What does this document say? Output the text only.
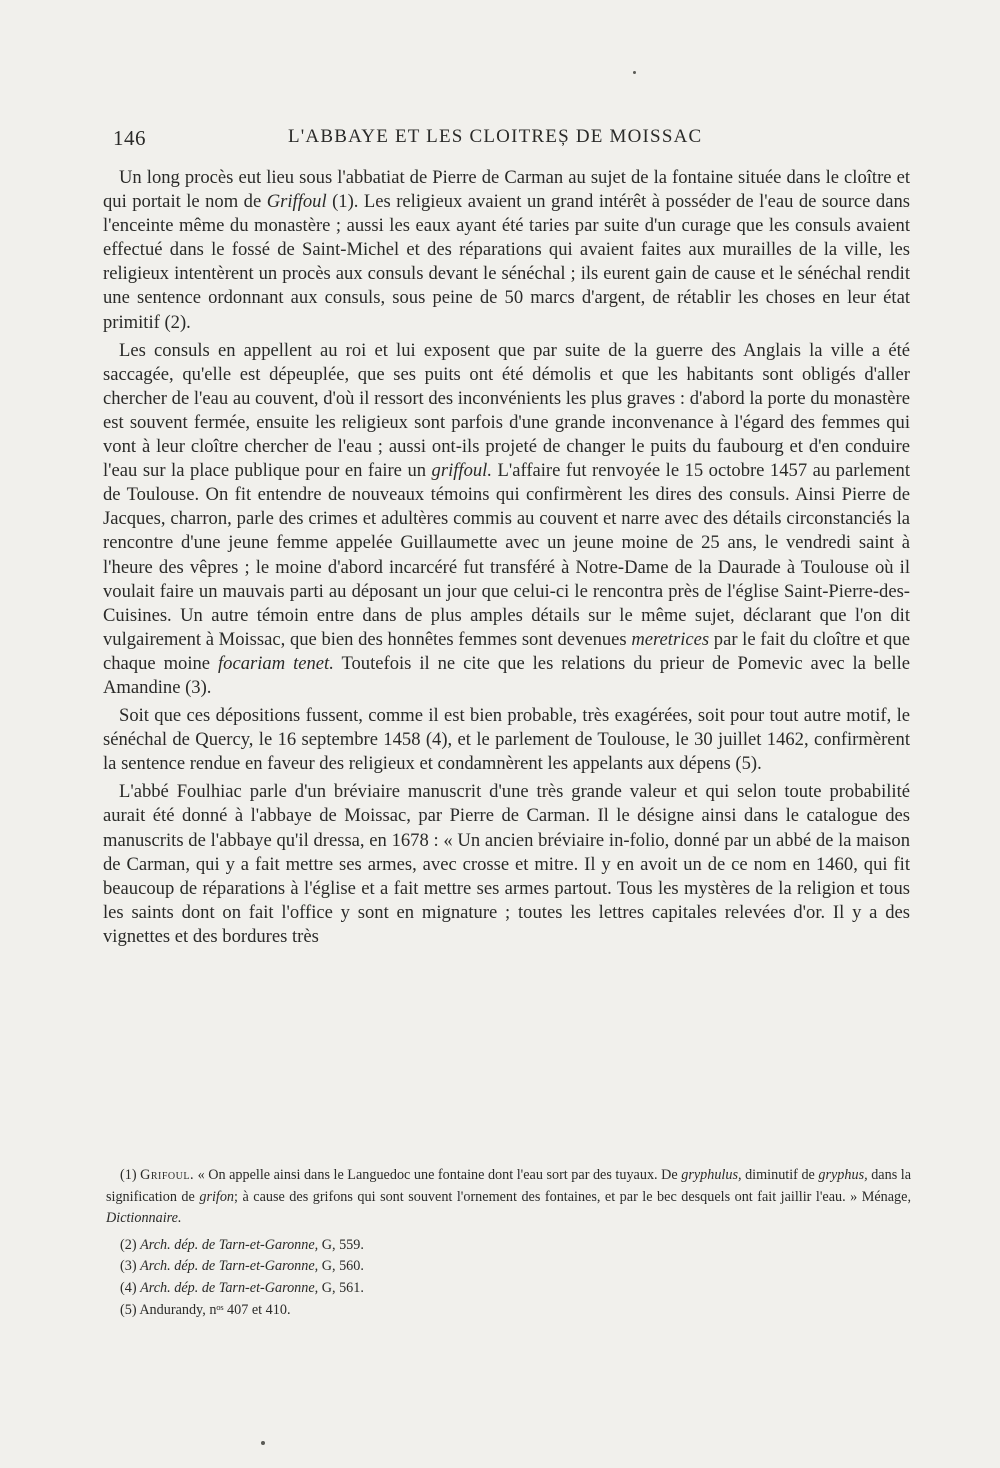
146	L'ABBAYE ET LES CLOITREȘ DE MOISSAC

Un long procès eut lieu sous l'abbatiat de Pierre de Carman au sujet de la fontaine située dans le cloître et qui portait le nom de Griffoul (1). Les religieux avaient un grand intérêt à posséder de l'eau de source dans l'enceinte même du monastère ; aussi les eaux ayant été taries par suite d'un curage que les consuls avaient effectué dans le fossé de Saint-Michel et des réparations qui avaient faites aux murailles de la ville, les religieux intentèrent un procès aux consuls devant le sénéchal ; ils eurent gain de cause et le sénéchal rendit une sentence ordonnant aux consuls, sous peine de 50 marcs d'argent, de rétablir les choses en leur état primitif (2).

Les consuls en appellent au roi et lui exposent que par suite de la guerre des Anglais la ville a été saccagée, qu'elle est dépeuplée, que ses puits ont été démolis et que les habitants sont obligés d'aller chercher de l'eau au couvent, d'où il ressort des inconvénients les plus graves : d'abord la porte du monastère est souvent fermée, ensuite les religieux sont parfois d'une grande inconvenance à l'égard des femmes qui vont à leur cloître chercher de l'eau ; aussi ont-ils projeté de changer le puits du faubourg et d'en conduire l'eau sur la place publique pour en faire un griffoul. L'affaire fut renvoyée le 15 octobre 1457 au parlement de Toulouse. On fit entendre de nouveaux témoins qui confirmèrent les dires des consuls. Ainsi Pierre de Jacques, charron, parle des crimes et adultères commis au couvent et narre avec des détails circonstanciés la rencontre d'une jeune femme appelée Guillaumette avec un jeune moine de 25 ans, le vendredi saint à l'heure des vêpres ; le moine d'abord incarcéré fut transféré à Notre-Dame de la Daurade à Toulouse où il voulait faire un mauvais parti au déposant un jour que celui-ci le rencontra près de l'église Saint-Pierre-des-Cuisines. Un autre témoin entre dans de plus amples détails sur le même sujet, déclarant que l'on dit vulgairement à Moissac, que bien des honnêtes femmes sont devenues meretrices par le fait du cloître et que chaque moine focariam tenet. Toutefois il ne cite que les relations du prieur de Pomevic avec la belle Amandine (3).

Soit que ces dépositions fussent, comme il est bien probable, très exagérées, soit pour tout autre motif, le sénéchal de Quercy, le 16 septembre 1458 (4), et le parlement de Toulouse, le 30 juillet 1462, confirmèrent la sentence rendue en faveur des religieux et condamnèrent les appelants aux dépens (5).

L'abbé Foulhiac parle d'un bréviaire manuscrit d'une très grande valeur et qui selon toute probabilité aurait été donné à l'abbaye de Moissac, par Pierre de Carman. Il le désigne ainsi dans le catalogue des manuscrits de l'abbaye qu'il dressa, en 1678 : « Un ancien bréviaire in-folio, donné par un abbé de la maison de Carman, qui y a fait mettre ses armes, avec crosse et mitre. Il y en avoit un de ce nom en 1460, qui fit beaucoup de réparations à l'église et a fait mettre ses armes partout. Tous les mystères de la religion et tous les saints dont on fait l'office y sont en mignature ; toutes les lettres capitales relevées d'or. Il y a des vignettes et des bordures très

(1) Grifoul. « On appelle ainsi dans le Languedoc une fontaine dont l'eau sort par des tuyaux. De gryphulus, diminutif de gryphus, dans la signification de grifon; à cause des grifons qui sont souvent l'ornement des fontaines, et par le bec desquels ont fait jaillir l'eau. » Ménage, Dictionnaire.

(2) Arch. dép. de Tarn-et-Garonne, G, 559.

(3) Arch. dép. de Tarn-et-Garonne, G, 560.

(4) Arch. dép. de Tarn-et-Garonne, G, 561.

(5) Andurandy, nᵒˢ 407 et 410.
